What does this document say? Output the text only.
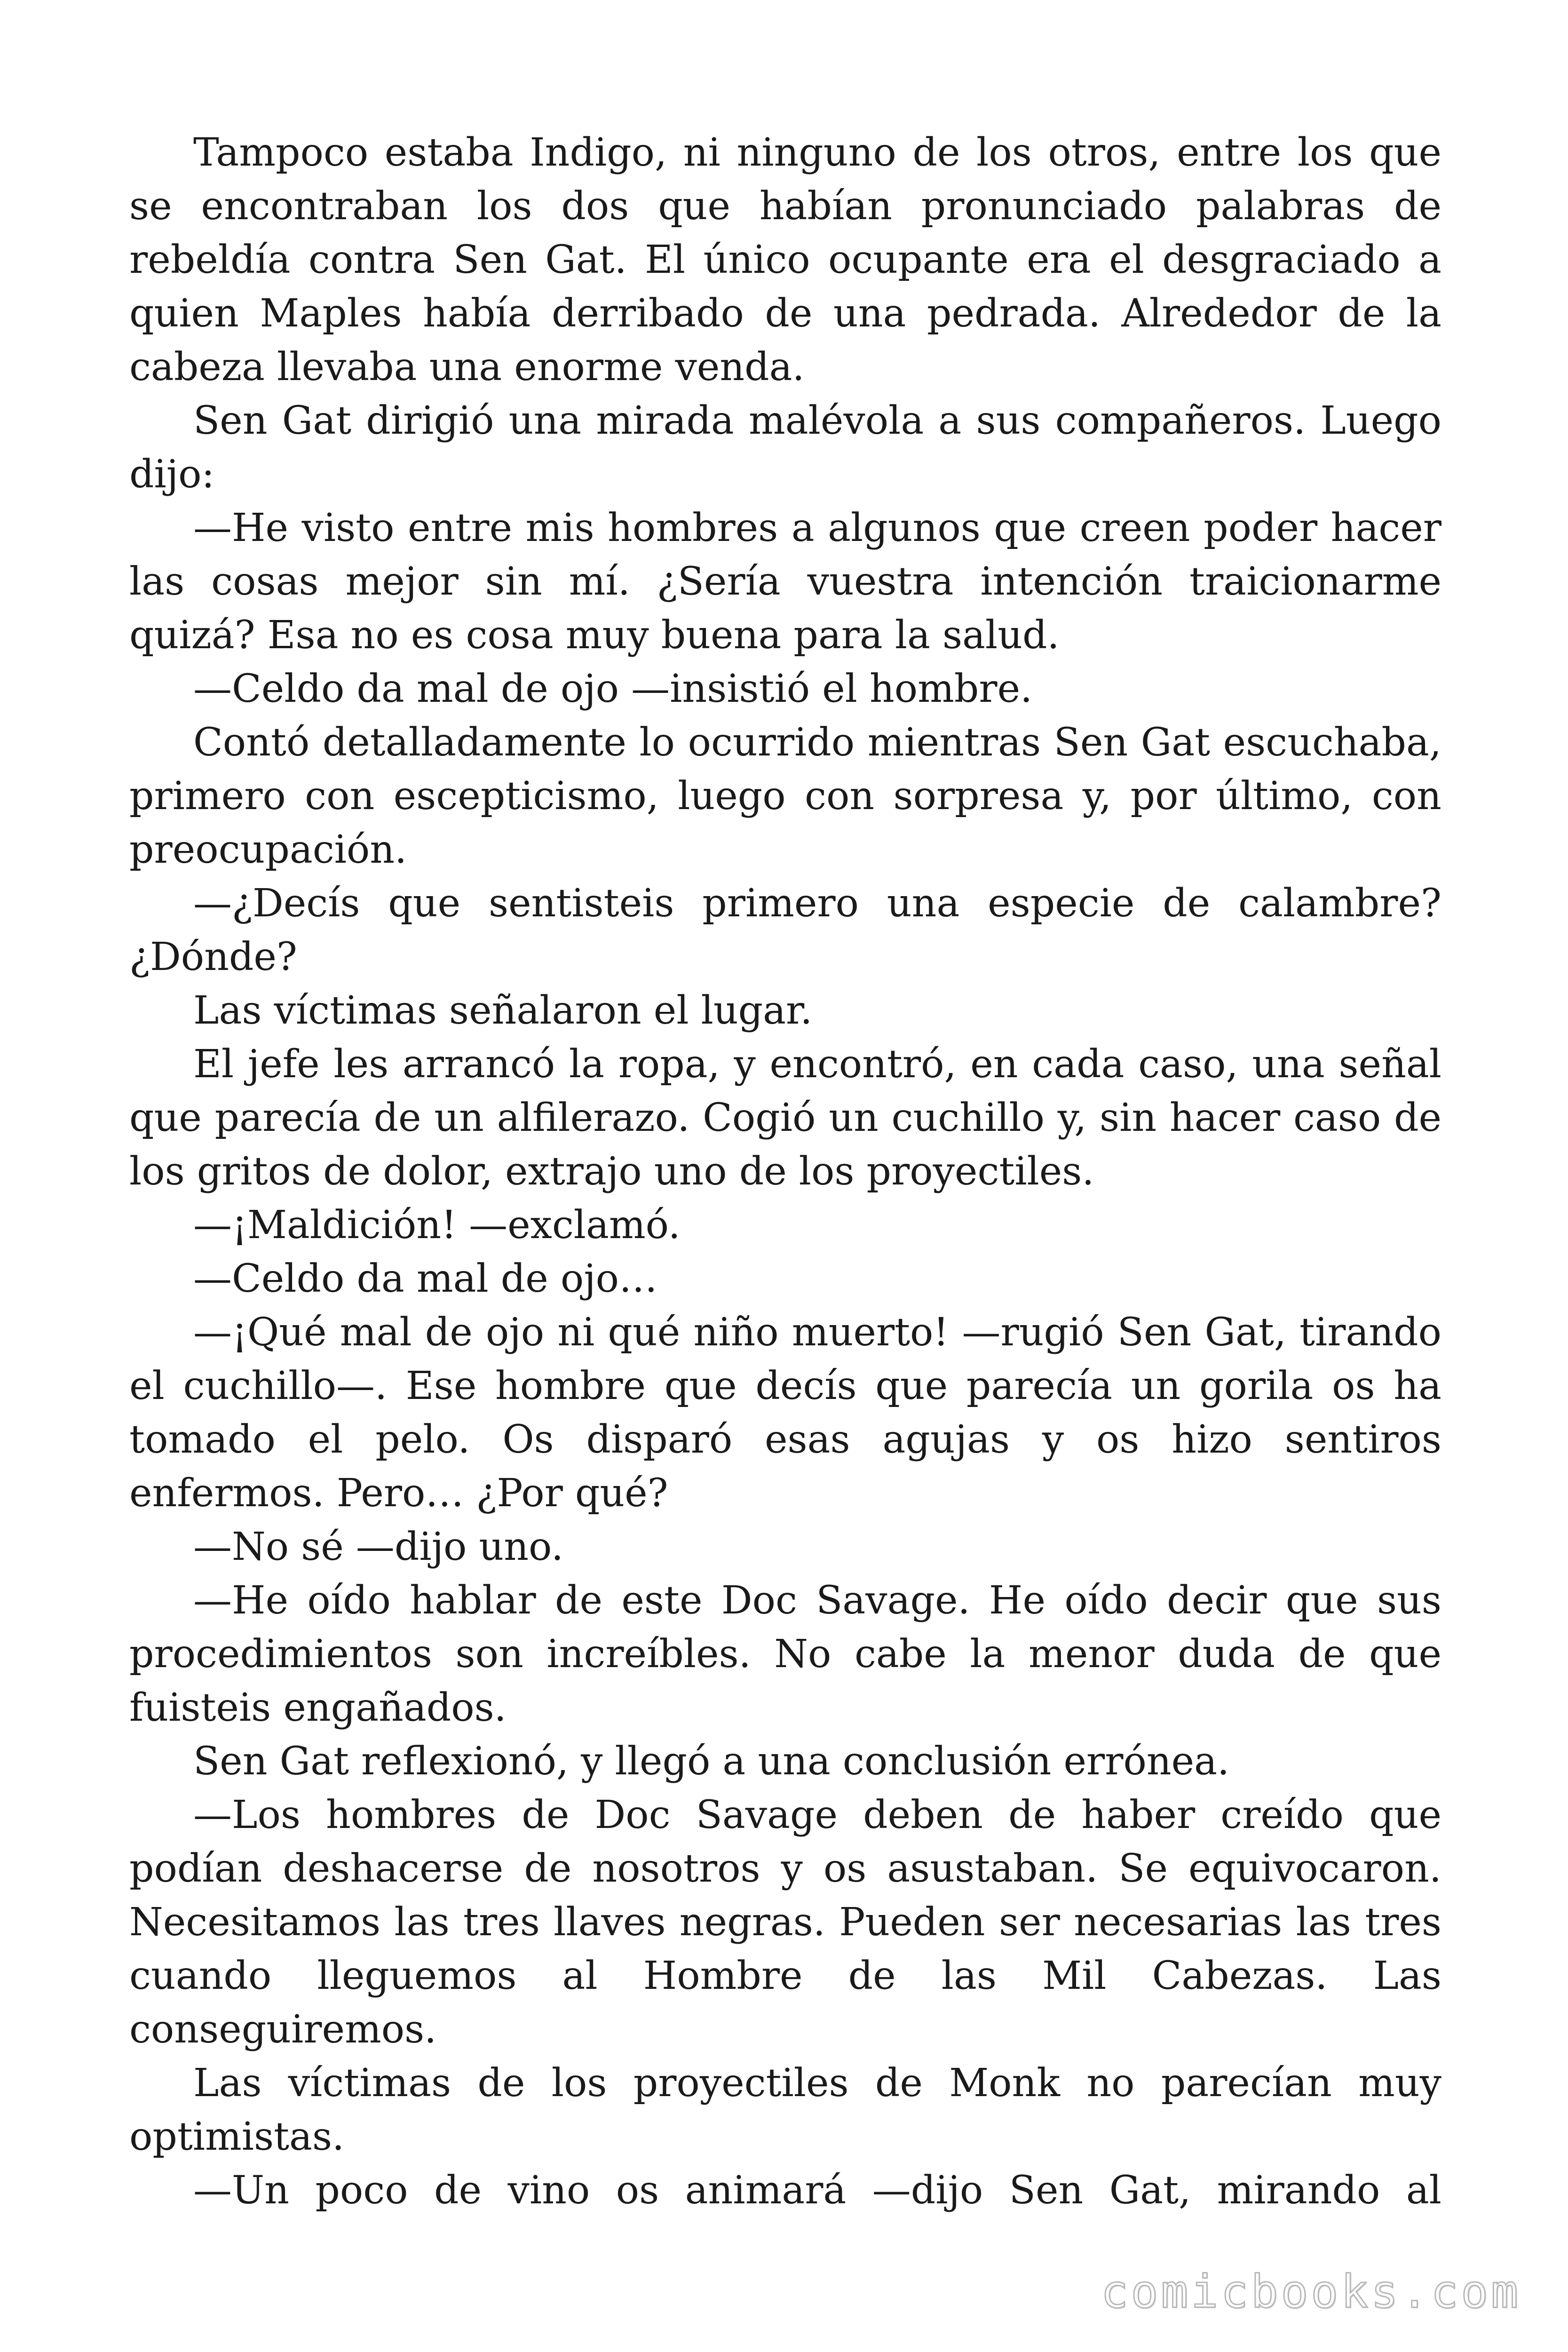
Tampoco estaba Indigo, ni ninguno de los otros, entre los que se encontraban los dos que habían pronunciado palabras de rebeldía contra Sen Gat. El único ocupante era el desgraciado a quien Maples había derribado de una pedrada. Alrededor de la cabeza llevaba una enorme venda.

Sen Gat dirigió una mirada malévola a sus compañeros. Luego dijo:

—He visto entre mis hombres a algunos que creen poder hacer las cosas mejor sin mí. ¿Sería vuestra intención traicionarme quizá? Esa no es cosa muy buena para la salud.

—Celdo da mal de ojo —insistió el hombre.

Contó detalladamente lo ocurrido mientras Sen Gat escuchaba, primero con escepticismo, luego con sorpresa y, por último, con preocupación.

—¿Decís que sentisteis primero una especie de calambre? ¿Dónde?

Las víctimas señalaron el lugar.

El jefe les arrancó la ropa, y encontró, en cada caso, una señal que parecía de un alfilerazo. Cogió un cuchillo y, sin hacer caso de los gritos de dolor, extrajo uno de los proyectiles.

—¡Maldición! —exclamó.

—Celdo da mal de ojo…

—¡Qué mal de ojo ni qué niño muerto! —rugió Sen Gat, tirando el cuchillo—. Ese hombre que decís que parecía un gorila os ha tomado el pelo. Os disparó esas agujas y os hizo sentiros enfermos. Pero… ¿Por qué?

—No sé —dijo uno.

—He oído hablar de este Doc Savage. He oído decir que sus procedimientos son increíbles. No cabe la menor duda de que fuisteis engañados.

Sen Gat reflexionó, y llegó a una conclusión errónea.

—Los hombres de Doc Savage deben de haber creído que podían deshacerse de nosotros y os asustaban. Se equivocaron. Necesitamos las tres llaves negras. Pueden ser necesarias las tres cuando lleguemos al Hombre de las Mil Cabezas. Las conseguiremos.

Las víctimas de los proyectiles de Monk no parecían muy optimistas.

—Un poco de vino os animará —dijo Sen Gat, mirando al

comicbooks.com
